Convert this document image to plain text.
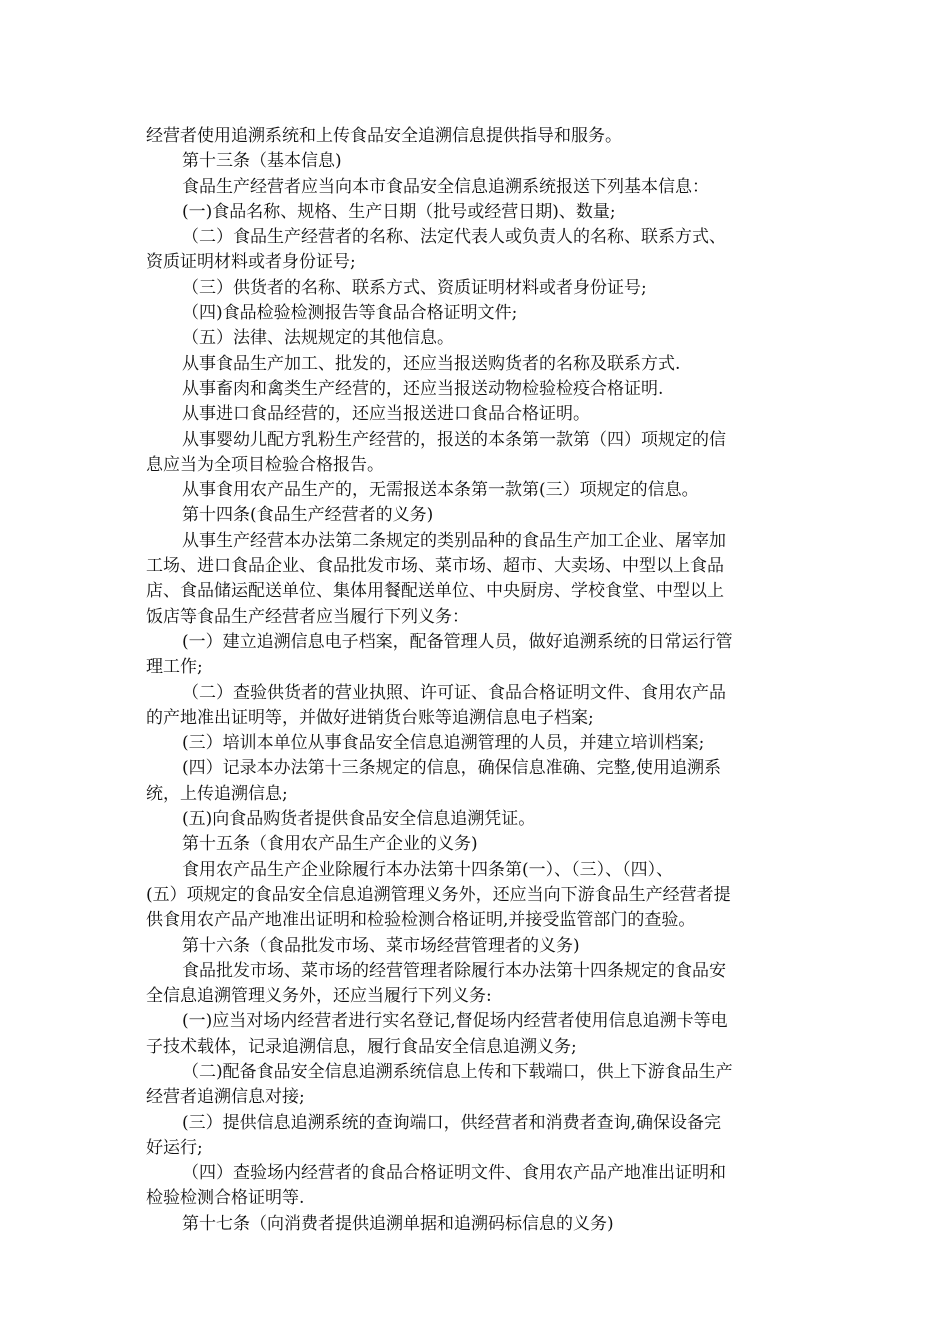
经营者使用追溯系统和上传食品安全追溯信息提供指导和服务。
第十三条（基本信息)
食品生产经营者应当向本市食品安全信息追溯系统报送下列基本信息：
(一)食品名称、规格、生产日期（批号或经营日期)、数量;
（二）食品生产经营者的名称、法定代表人或负责人的名称、联系方式、
资质证明材料或者身份证号;
（三）供货者的名称、联系方式、资质证明材料或者身份证号;
（四)食品检验检测报告等食品合格证明文件;
（五）法律、法规规定的其他信息。
从事食品生产加工、批发的，还应当报送购货者的名称及联系方式.
从事畜肉和禽类生产经营的，还应当报送动物检验检疫合格证明.
从事进口食品经营的，还应当报送进口食品合格证明。
从事婴幼儿配方乳粉生产经营的，报送的本条第一款第（四）项规定的信
息应当为全项目检验合格报告。
从事食用农产品生产的，无需报送本条第一款第(三）项规定的信息。
第十四条(食品生产经营者的义务)
从事生产经营本办法第二条规定的类别品种的食品生产加工企业、屠宰加
工场、进口食品企业、食品批发市场、菜市场、超市、大卖场、中型以上食品
店、食品储运配送单位、集体用餐配送单位、中央厨房、学校食堂、中型以上
饭店等食品生产经营者应当履行下列义务：
(一）建立追溯信息电子档案，配备管理人员，做好追溯系统的日常运行管
理工作;
（二）查验供货者的营业执照、许可证、食品合格证明文件、食用农产品
的产地准出证明等，并做好进销货台账等追溯信息电子档案;
(三）培训本单位从事食品安全信息追溯管理的人员，并建立培训档案;
(四）记录本办法第十三条规定的信息，确保信息准确、完整,使用追溯系
统，上传追溯信息;
(五)向食品购货者提供食品安全信息追溯凭证。
第十五条（食用农产品生产企业的义务)
食用农产品生产企业除履行本办法第十四条第(一）、（三）、（四）、
(五）项规定的食品安全信息追溯管理义务外，还应当向下游食品生产经营者提
供食用农产品产地准出证明和检验检测合格证明,并接受监管部门的查验。
第十六条（食品批发市场、菜市场经营管理者的义务)
食品批发市场、菜市场的经营管理者除履行本办法第十四条规定的食品安
全信息追溯管理义务外，还应当履行下列义务:
(一)应当对场内经营者进行实名登记,督促场内经营者使用信息追溯卡等电
子技术载体，记录追溯信息，履行食品安全信息追溯义务;
（二)配备食品安全信息追溯系统信息上传和下载端口，供上下游食品生产
经营者追溯信息对接;
(三）提供信息追溯系统的查询端口，供经营者和消费者查询,确保设备完
好运行;
（四）查验场内经营者的食品合格证明文件、食用农产品产地准出证明和
检验检测合格证明等.
第十七条（向消费者提供追溯单据和追溯码标信息的义务)
